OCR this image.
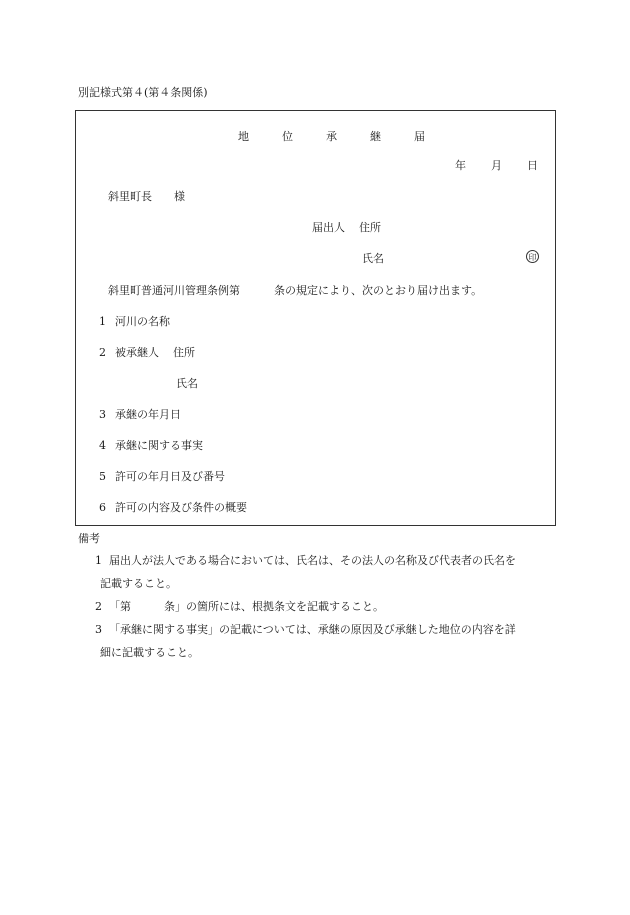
別記様式第４(第４条関係)
地	位	承	継	届
年 月 日
斜里町長 様
届出人 住所
氏名	印
斜里町普通河川管理条例第	条の規定により、次のとおり届け出ます。
1 河川の名称
2 被承継人 住所
氏名
3 承継の年月日
4 承継に関する事実
5 許可の年月日及び番号
6 許可の内容及び条件の概要
備考
1 届出人が法人である場合においては、氏名は、その法人の名称及び代表者の氏名を
記載すること。
2 「第　　　条」の箇所には、根拠条文を記載すること。
3 「承継に関する事実」の記載については、承継の原因及び承継した地位の内容を詳
細に記載すること。
